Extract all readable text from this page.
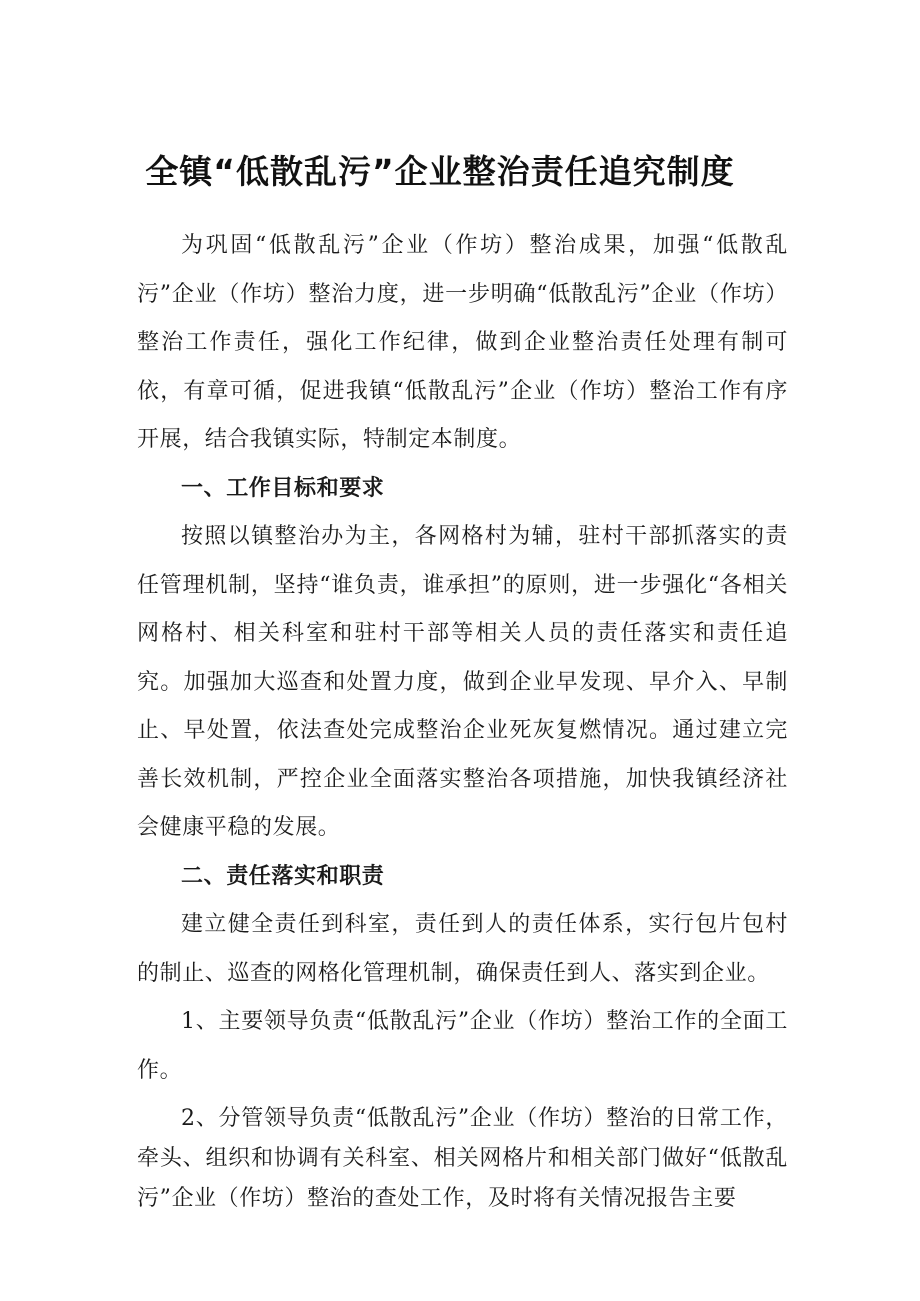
全镇“低散乱污”企业整治责任追究制度

为巩固“低散乱污”企业（作坊）整治成果，加强“低散乱污”企业（作坊）整治力度，进一步明确“低散乱污”企业（作坊）整治工作责任，强化工作纪律，做到企业整治责任处理有制可依，有章可循，促进我镇“低散乱污”企业（作坊）整治工作有序开展，结合我镇实际，特制定本制度。

一、工作目标和要求

按照以镇整治办为主，各网格村为辅，驻村干部抓落实的责任管理机制，坚持“谁负责，谁承担”的原则，进一步强化“各相关网格村、相关科室和驻村干部等相关人员的责任落实和责任追究。加强加大巡查和处置力度，做到企业早发现、早介入、早制止、早处置，依法查处完成整治企业死灰复燃情况。通过建立完善长效机制，严控企业全面落实整治各项措施，加快我镇经济社会健康平稳的发展。

二、责任落实和职责

建立健全责任到科室，责任到人的责任体系，实行包片包村的制止、巡查的网格化管理机制，确保责任到人、落实到企业。

1、主要领导负责“低散乱污”企业（作坊）整治工作的全面工作。

2、分管领导负责“低散乱污”企业（作坊）整治的日常工作，牵头、组织和协调有关科室、相关网格片和相关部门做好“低散乱污”企业（作坊）整治的查处工作，及时将有关情况报告主要
